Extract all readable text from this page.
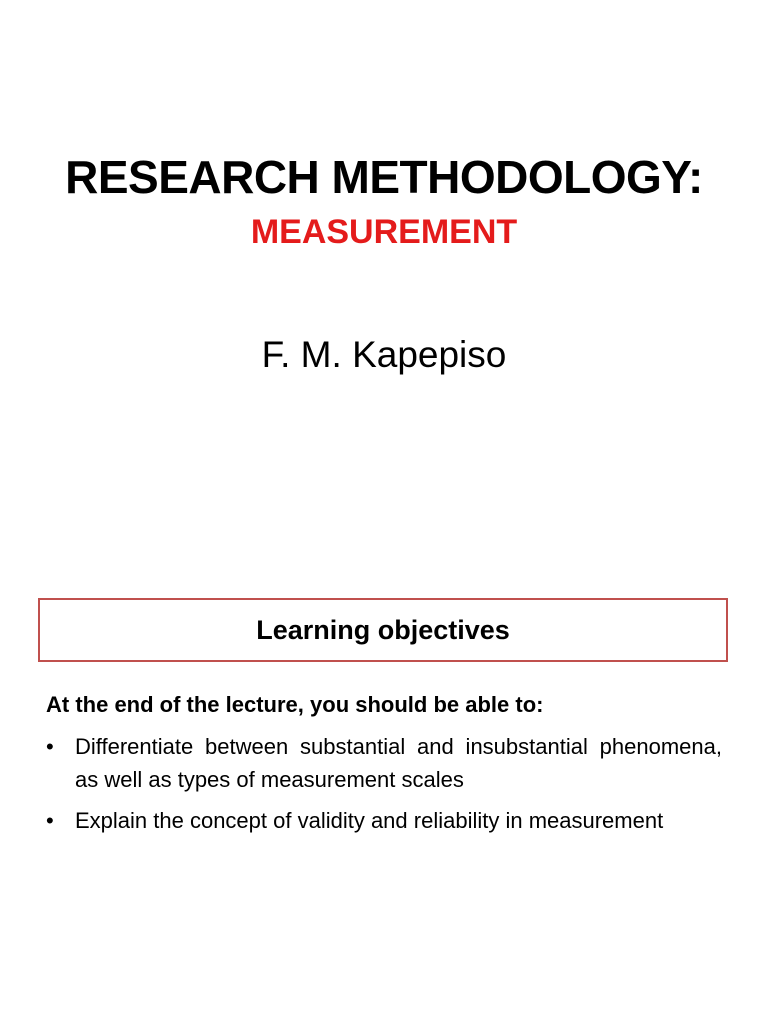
RESEARCH METHODOLOGY:
MEASUREMENT

F. M. Kapepiso

Learning objectives

At the end of the lecture, you should be able to:

• Differentiate between substantial and insubstantial phenomena, as well as types of measurement scales
• Explain the concept of validity and reliability in measurement
